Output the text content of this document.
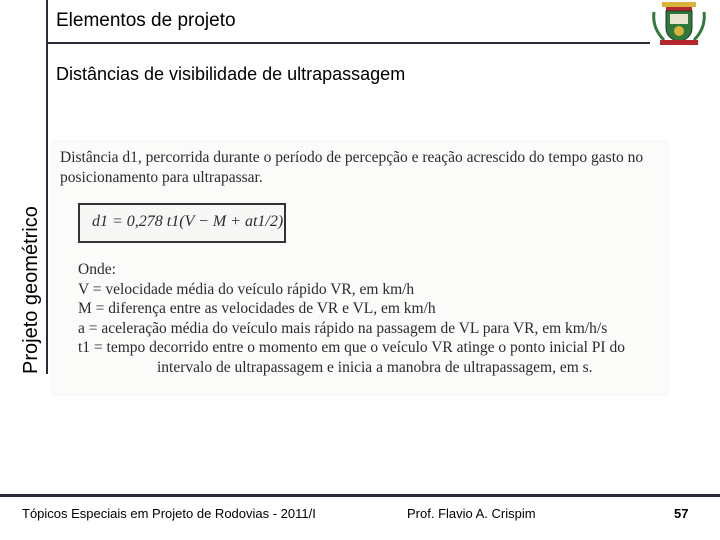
Projeto geométrico
Elementos de projeto
Distâncias de visibilidade de ultrapassagem
Distância d1, percorrida durante o período de percepção e reação acrescido do tempo gasto no posicionamento para ultrapassar.
d1 = 0,278 t1(V − M + at1/2)
Onde:
V = velocidade média do veículo rápido VR, em km/h
M = diferença entre as velocidades de VR e VL, em km/h
a = aceleração média do veículo mais rápido na passagem de VL para VR, em km/h/s
t1 = tempo decorrido entre o momento em que o veículo VR atinge o ponto inicial PI do
intervalo de ultrapassagem e inicia a manobra de ultrapassagem, em s.
Tópicos Especiais em Projeto de Rodovias - 2011/I	Prof. Flavio A. Crispim	57
